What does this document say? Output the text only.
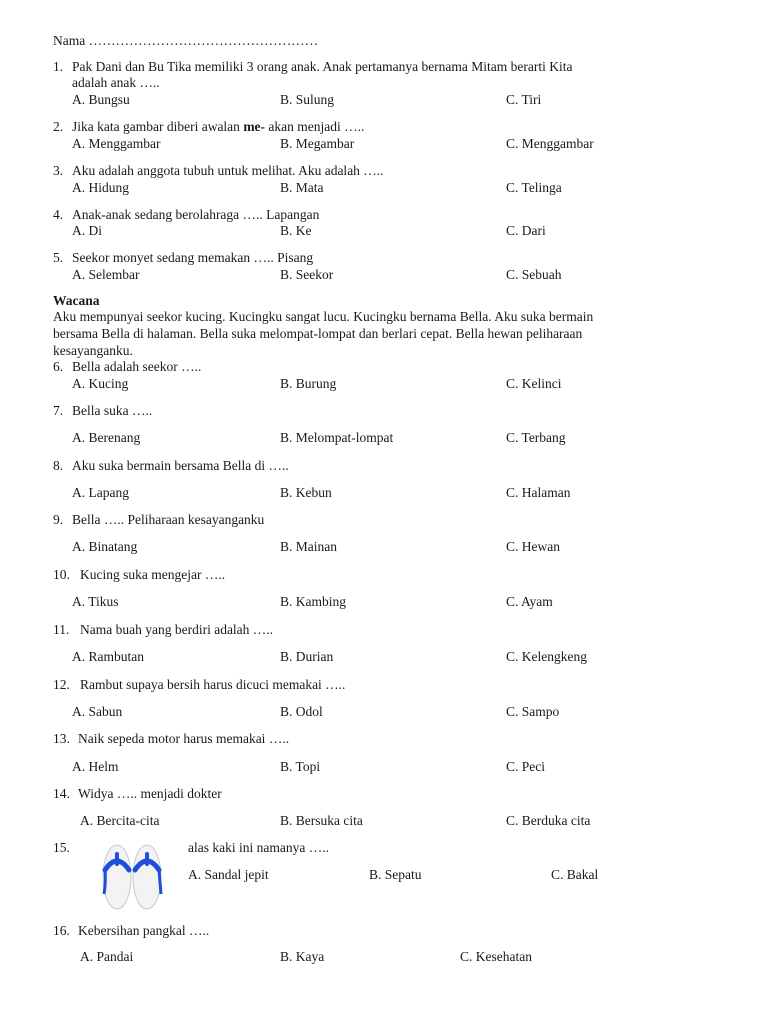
Nama ……………………………………………
1. Pak Dani dan Bu Tika memiliki 3 orang anak. Anak pertamanya bernama Mitam berarti Kita
adalah anak …..
A. Bungsu	B. Sulung	C. Tiri
2. Jika kata gambar diberi awalan me- akan menjadi …..
A. Menggambar	B. Megambar	C. Menggambar
3. Aku adalah anggota tubuh untuk melihat. Aku adalah …..
A. Hidung	B. Mata	C. Telinga
4. Anak-anak sedang berolahraga ….. Lapangan
A. Di	B. Ke	C. Dari
5. Seekor monyet sedang memakan ….. Pisang
A. Selembar	B. Seekor	C. Sebuah
Wacana
Aku mempunyai seekor kucing. Kucingku sangat lucu. Kucingku bernama Bella. Aku suka bermain
bersama Bella di halaman. Bella suka melompat-lompat dan berlari cepat. Bella hewan peliharaan
kesayanganku.
6. Bella adalah seekor …..
A. Kucing	B. Burung	C. Kelinci
7. Bella suka …..
A. Berenang	B. Melompat-lompat	C. Terbang
8. Aku suka bermain bersama Bella di …..
A. Lapang	B. Kebun	C. Halaman
9. Bella ….. Peliharaan kesayanganku
A. Binatang	B. Mainan	C. Hewan
10. Kucing suka mengejar …..
A. Tikus	B. Kambing	C. Ayam
11. Nama buah yang berdiri adalah …..
A. Rambutan	B. Durian	C. Kelengkeng
12. Rambut supaya bersih harus dicuci memakai …..
A. Sabun	B. Odol	C. Sampo
13. Naik sepeda motor harus memakai …..
A. Helm	B. Topi	C. Peci
14. Widya ….. menjadi dokter
A. Bercita-cita	B. Bersuka cita	C. Berduka cita
15.	alas kaki ini namanya …..
A. Sandal jepit	B. Sepatu	C. Bakal
16. Kebersihan pangkal …..
A. Pandai	B. Kaya	C. Kesehatan
